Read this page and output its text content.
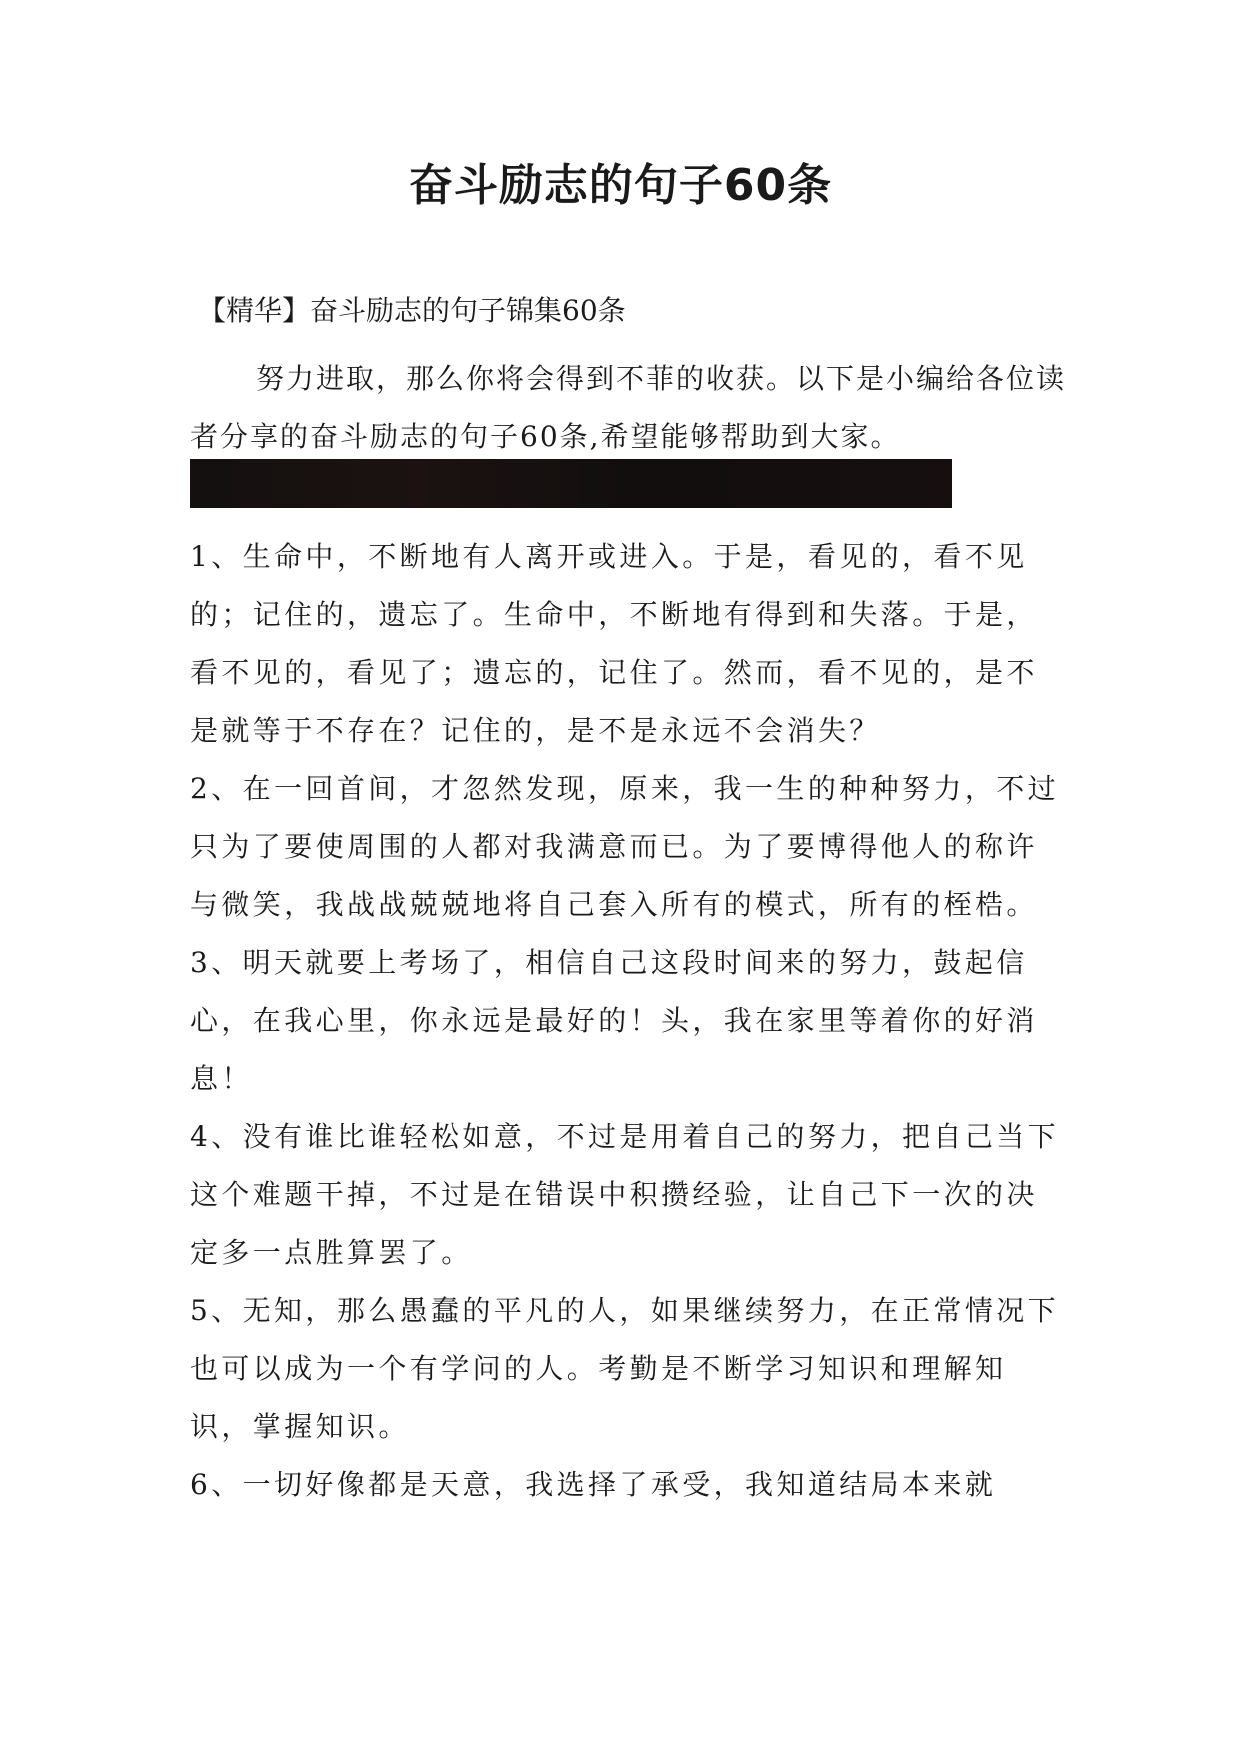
奋斗励志的句子60条
【精华】奋斗励志的句子锦集60条
努力进取，那么你将会得到不菲的收获。以下是小编给各位读者分享的奋斗励志的句子60条,希望能够帮助到大家。
1、生命中，不断地有人离开或进入。于是，看见的，看不见的；记住的，遗忘了。生命中，不断地有得到和失落。于是，看不见的，看见了；遗忘的，记住了。然而，看不见的，是不是就等于不存在？记住的，是不是永远不会消失？
2、在一回首间，才忽然发现，原来，我一生的种种努力，不过只为了要使周围的人都对我满意而已。为了要博得他人的称许与微笑，我战战兢兢地将自己套入所有的模式，所有的桎梏。
3、明天就要上考场了，相信自己这段时间来的努力，鼓起信心，在我心里，你永远是最好的！头，我在家里等着你的好消息！
4、没有谁比谁轻松如意，不过是用着自己的努力，把自己当下这个难题干掉，不过是在错误中积攒经验，让自己下一次的决定多一点胜算罢了。
5、无知，那么愚蠢的平凡的人，如果继续努力，在正常情况下也可以成为一个有学问的人。考勤是不断学习知识和理解知识，掌握知识。
6、一切好像都是天意，我选择了承受，我知道结局本来就
